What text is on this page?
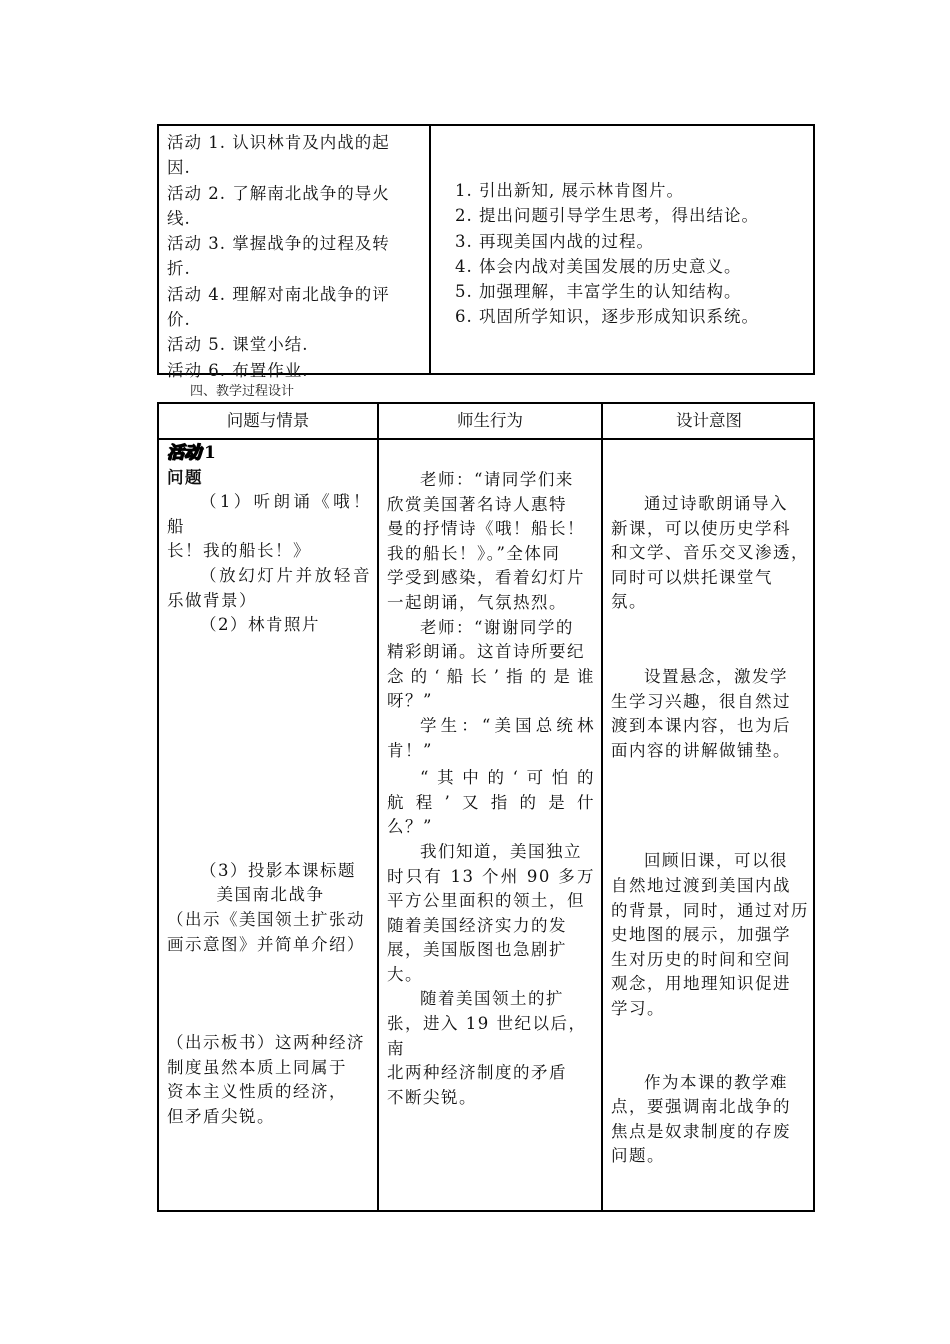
活动 1. 认识林肯及内战的起
因.
活动 2. 了解南北战争的导火
线.
活动 3. 掌握战争的过程及转
折.
活动 4. 理解对南北战争的评
价.
活动 5. 课堂小结.
活动 6. 布置作业.
1. 引出新知, 展示林肯图片。
2. 提出问题引导学生思考，得出结论。
3. 再现美国内战的过程。
4. 体会内战对美国发展的历史意义。
5. 加强理解，丰富学生的认知结构。
6. 巩固所学知识，逐步形成知识系统。
四、教学过程设计
问题与情景	师生行为	设计意图
活动 1

问题

（1）听朗诵《哦！船

长！我的船长！》

（放幻灯片并放轻音

乐做背景）

（2）林肯照片

（3）投影本课标题

美国南北战争

（出示《美国领土扩张动

画示意图》并简单介绍）

（出示板书）这两种经济

制度虽然本质上同属于

资本主义性质的经济，

但矛盾尖锐。

老师：“请同学们来

欣赏美国著名诗人惠特

曼的抒情诗《哦！船长！

我的船长！》。”全体同

学受到感染，看着幻灯片

一起朗诵，气氛热烈。

老师：“谢谢同学的

精彩朗诵。这首诗所要纪

念的‘船长’指的是谁

呀？”

学生：“美国总统林

肯！”

“其中的‘可怕的

航程’又指的是什

么？”

我们知道，美国独立

时只有 13 个州 90 多万

平方公里面积的领土，但

随着美国经济实力的发

展，美国版图也急剧扩

大。

随着美国领土的扩

张，进入 19 世纪以后，南

北两种经济制度的矛盾

不断尖锐。

通过诗歌朗诵导入

新课，可以使历史学科

和文学、音乐交叉渗透，

同时可以烘托课堂气

氛。

设置悬念，激发学

生学习兴趣，很自然过

渡到本课内容，也为后

面内容的讲解做铺垫。

回顾旧课，可以很

自然地过渡到美国内战

的背景，同时，通过对历

史地图的展示，加强学

生对历史的时间和空间

观念，用地理知识促进

学习。

作为本课的教学难

点，要强调南北战争的

焦点是奴隶制度的存废

问题。
